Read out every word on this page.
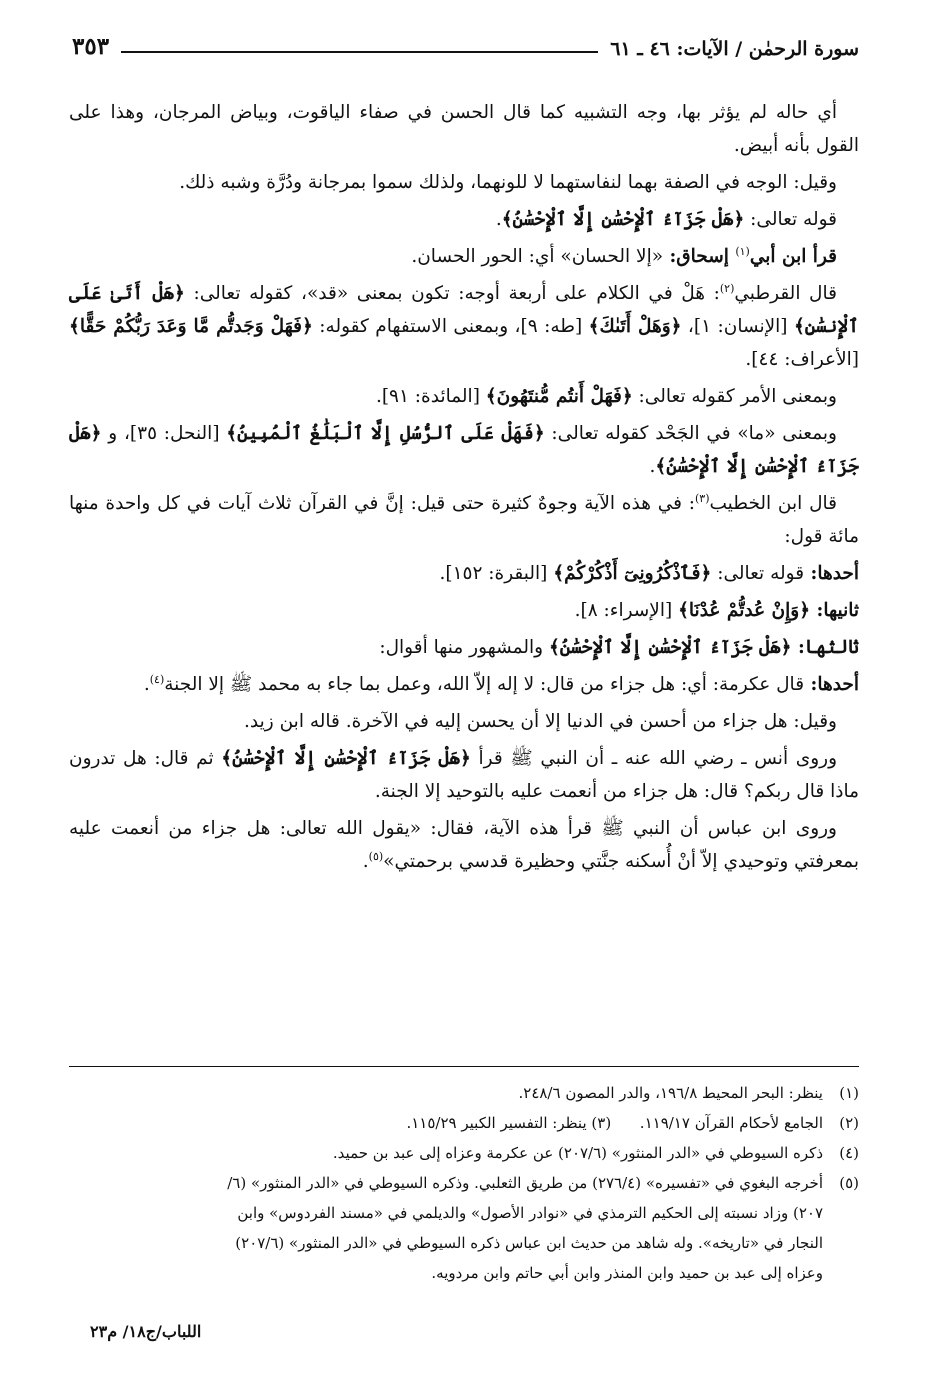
سورة الرحمٰن / الآيات: ٤٦ ـ ٦١
٣٥٣

أي حاله لم يؤثر بها، وجه التشبيه كما قال الحسن في صفاء الياقوت، وبياض المرجان، وهذا على القول بأنه أبيض.

وقيل: الوجه في الصفة بهما لنفاستهما لا للونهما، ولذلك سموا بمرجانة ودُرَّة وشبه ذلك.

قوله تعالى: ﴿هَلْ جَزَآءُ ٱلْإِحْسَٰنِ إِلَّا ٱلْإِحْسَٰنُ﴾.

قرأ ابن أبي$^{(١)}$ إسحاق: «إلا الحسان» أي: الحور الحسان.

قال القرطبي$^{(٢)}$: هَلْ في الكلام على أربعة أوجه: تكون بمعنى «قد»، كقوله تعالى: ﴿هَلْ أَتَىٰ عَلَى ٱلْإِنسَٰنِ﴾ [الإنسان: ١]، ﴿وَهَلْ أَتَىٰكَ﴾ [طه: ٩]، وبمعنى الاستفهام كقوله: ﴿فَهَلْ وَجَدتُّم مَّا وَعَدَ رَبُّكُمْ حَقًّا﴾ [الأعراف: ٤٤].

وبمعنى الأمر كقوله تعالى: ﴿فَهَلْ أَنتُم مُّنتَهُونَ﴾ [المائدة: ٩١].

وبمعنى «ما» في الجَحْد كقوله تعالى: ﴿فَهَلْ عَلَى ٱلرُّسُلِ إِلَّا ٱلْبَلَٰغُ ٱلْمُبِينُ﴾ [النحل: ٣٥]، و ﴿هَلْ جَزَآءُ ٱلْإِحْسَٰنِ إِلَّا ٱلْإِحْسَٰنُ﴾.

قال ابن الخطيب$^{(٣)}$: في هذه الآية وجوهٌ كثيرة حتى قيل: إنَّ في القرآن ثلاث آيات في كل واحدة منها مائة قول:

أحدها: قوله تعالى: ﴿فَٱذْكُرُونِىٓ أَذْكُرْكُمْ﴾ [البقرة: ١٥٢].

ثانيها: ﴿وَإِنْ عُدتُّمْ عُدْنَا﴾ [الإسراء: ٨].

ثالثها: ﴿هَلْ جَزَآءُ ٱلْإِحْسَٰنِ إِلَّا ٱلْإِحْسَٰنُ﴾ والمشهور منها أقوال:

أحدها: قال عكرمة: أي: هل جزاء من قال: لا إله إلاّ الله، وعمل بما جاء به محمد ﷺ إلا الجنة$^{(٤)}$.

وقيل: هل جزاء من أحسن في الدنيا إلا أن يحسن إليه في الآخرة. قاله ابن زيد.

وروى أنس ـ رضي الله عنه ـ أن النبي ﷺ قرأ ﴿هَلْ جَزَآءُ ٱلْإِحْسَٰنِ إِلَّا ٱلْإِحْسَٰنُ﴾ ثم قال: هل تدرون ماذا قال ربكم؟ قال: هل جزاء من أنعمت عليه بالتوحيد إلا الجنة.

وروى ابن عباس أن النبي ﷺ قرأ هذه الآية، فقال: «يقول الله تعالى: هل جزاء من أنعمت عليه بمعرفتي وتوحيدي إلاّ أنْ أُسكنه جنَّتي وحظيرة قدسي برحمتي»$^{(٥)}$.

(١)ينظر: البحر المحيط ١٩٦/٨، والدر المصون ٢٤٨/٦.

(٢)الجامع لأحكام القرآن ١١٩/١٧.      (٣) ينظر: التفسير الكبير ١١٥/٢٩.

(٤)ذكره السيوطي في «الدر المنثور» (٢٠٧/٦) عن عكرمة وعزاه إلى عبد بن حميد.

(٥)أخرجه البغوي في «تفسيره» (٢٧٦/٤) من طريق الثعلبي. وذكره السيوطي في «الدر المنثور» (٦/

٢٠٧) وزاد نسبته إلى الحكيم الترمذي في «نوادر الأصول» والديلمي في «مسند الفردوس» وابن

النجار في «تاريخه». وله شاهد من حديث ابن عباس ذكره السيوطي في «الدر المنثور» (٢٠٧/٦)

وعزاه إلى عبد بن حميد وابن المنذر وابن أبي حاتم وابن مردويه.

اللباب/ج١٨/ م٢٣
